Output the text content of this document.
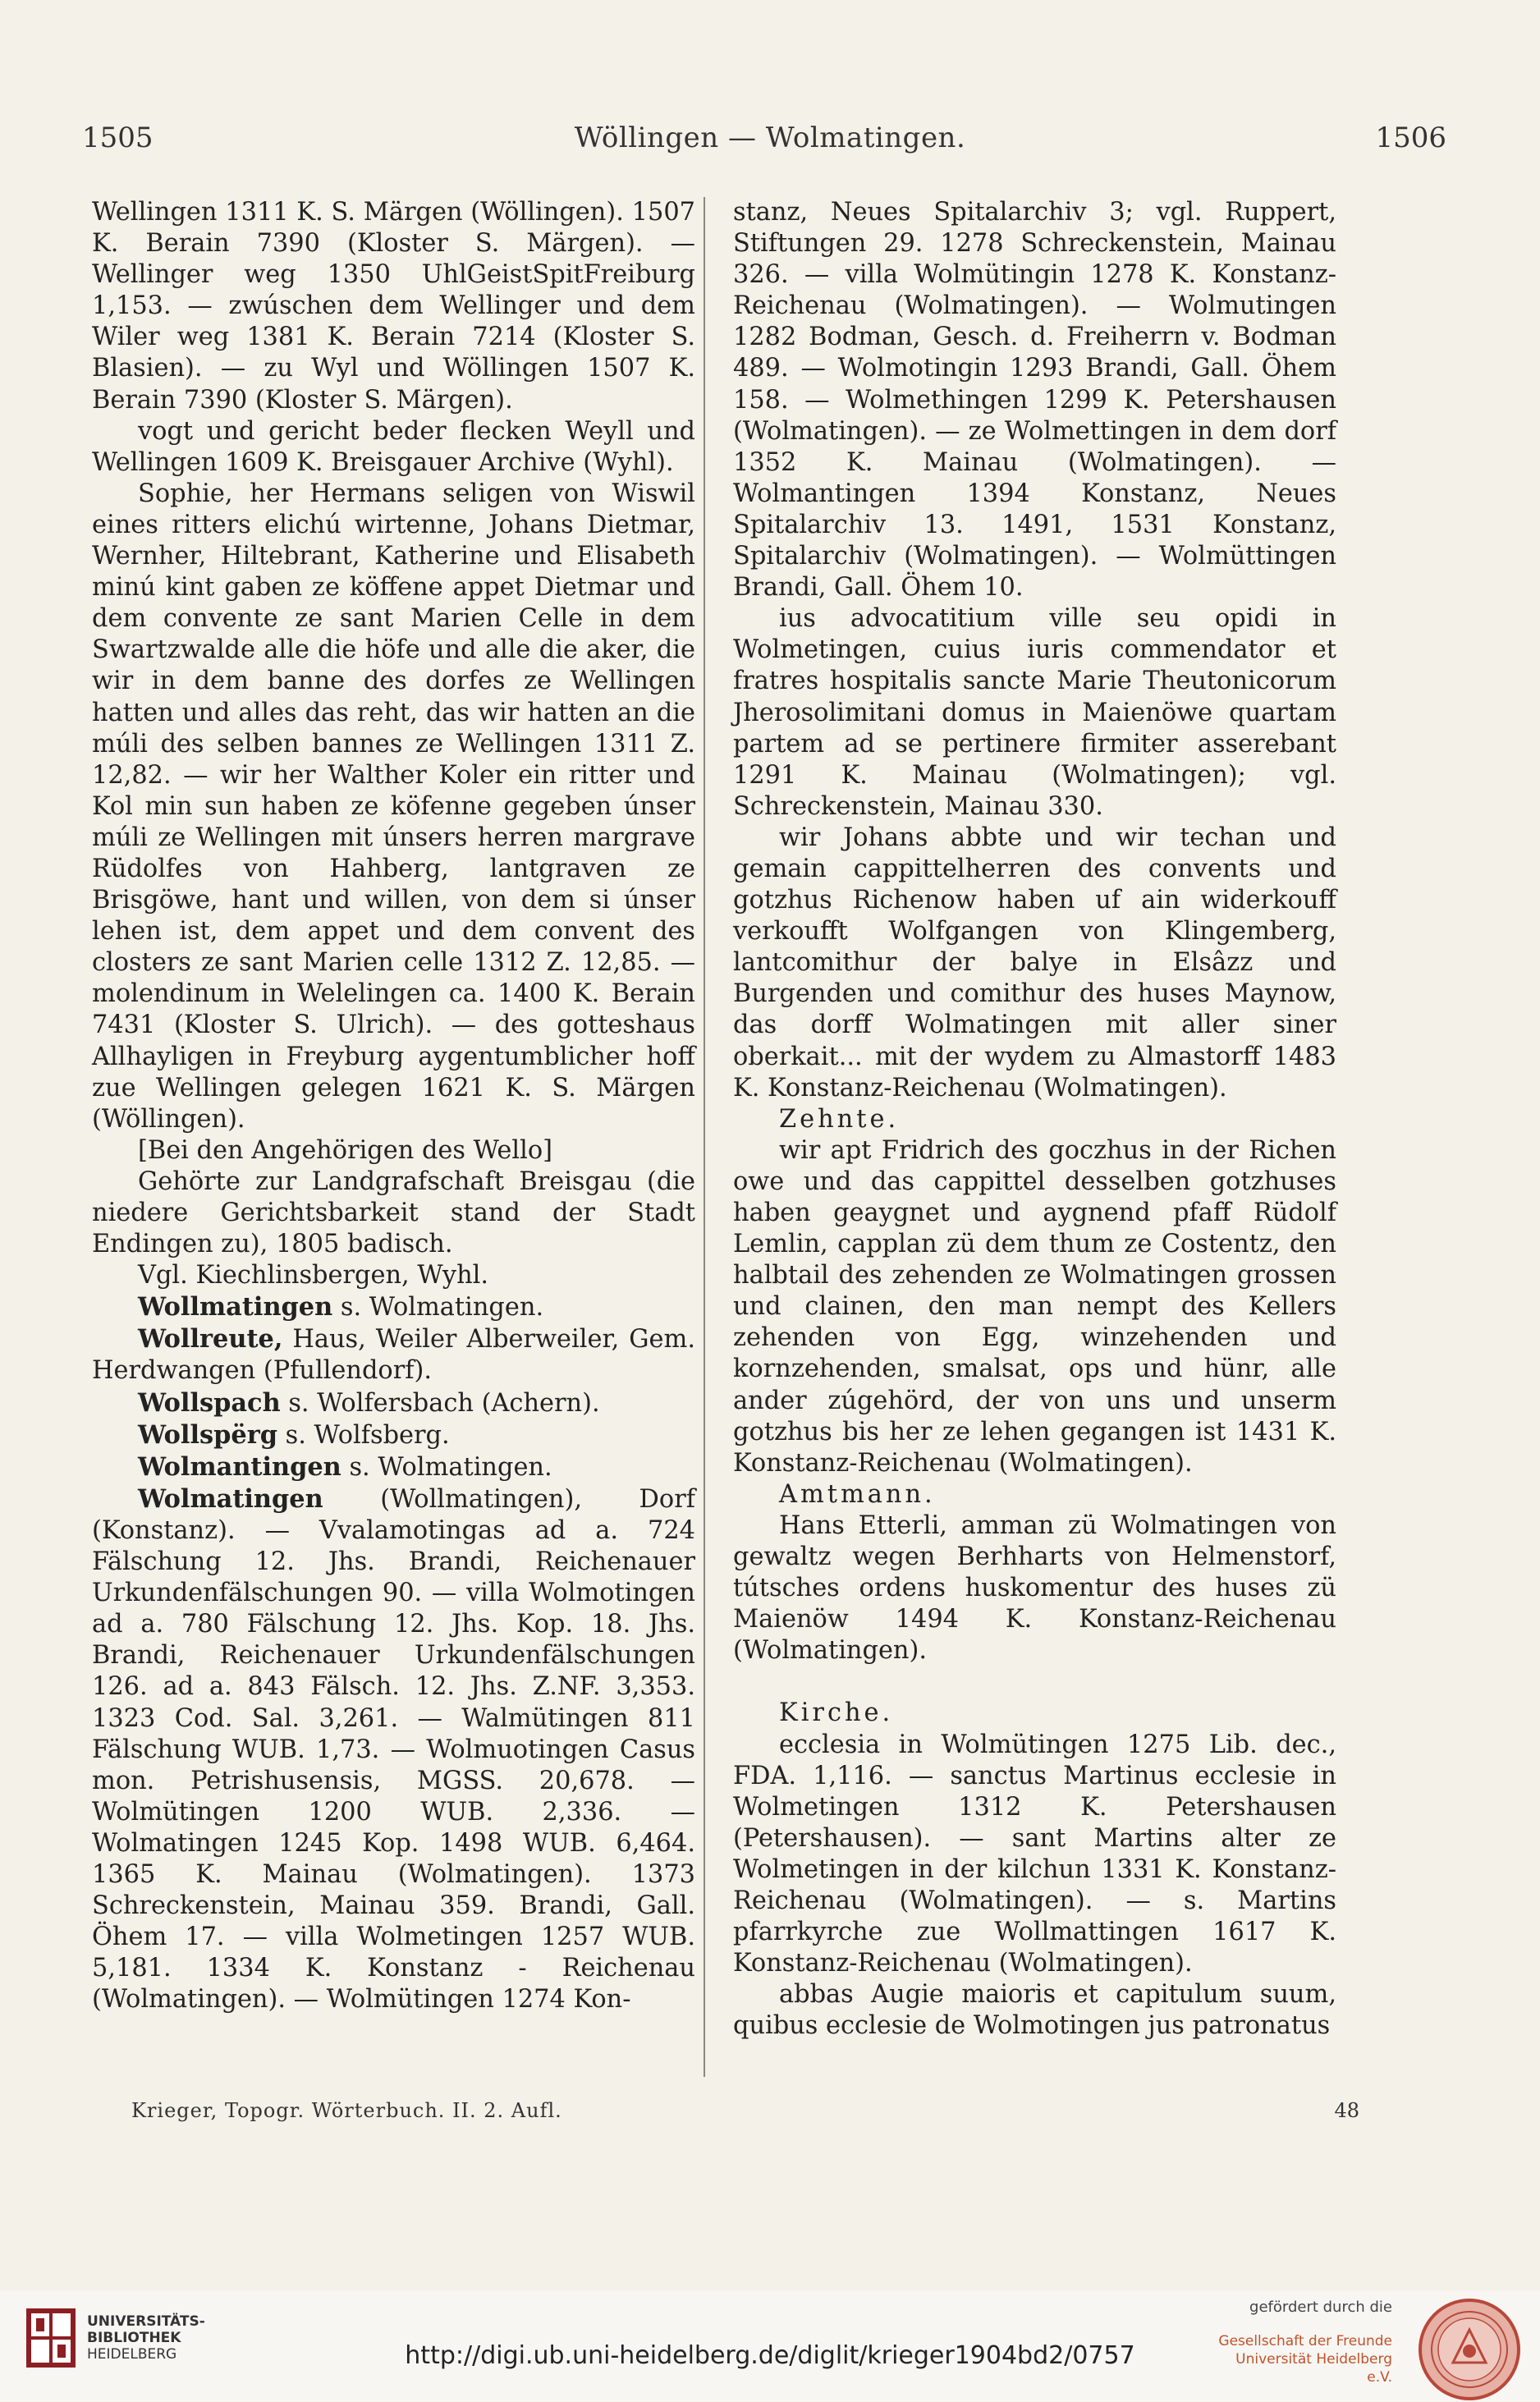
1505	Wöllingen — Wolmatingen.	1506

Wellingen 1311 K. S. Märgen (Wöllingen). 1507 K. Berain 7390 (Kloster S. Märgen). — Wellinger weg 1350 UhlGeistSpitFreiburg 1,153. — zwúschen dem Wellinger und dem Wiler weg 1381 K. Berain 7214 (Kloster S. Blasien). — zu Wyl und Wöllingen 1507 K. Berain 7390 (Kloster S. Märgen).

vogt und gericht beder flecken Weyll und Wellingen 1609 K. Breisgauer Archive (Wyhl).

Sophie, her Hermans seligen von Wiswil eines ritters elichú wirtenne, Johans Dietmar, Wernher, Hiltebrant, Katherine und Elisabeth minú kint gaben ze köffene appet Dietmar und dem convente ze sant Marien Celle in dem Swartzwalde alle die höfe und alle die aker, die wir in dem banne des dorfes ze Wellingen hatten und alles das reht, das wir hatten an die múli des selben bannes ze Wellingen 1311 Z. 12,82. — wir her Walther Koler ein ritter und Kol min sun haben ze köfenne gegeben únser múli ze Wellingen mit únsers herren margrave Rüdolfes von Hahberg, lantgraven ze Brisgöwe, hant und willen, von dem si únser lehen ist, dem appet und dem convent des closters ze sant Marien celle 1312 Z. 12,85. — molendinum in Welelingen ca. 1400 K. Berain 7431 (Kloster S. Ulrich). — des gotteshaus Allhayligen in Freyburg aygentumblicher hoff zue Wellingen gelegen 1621 K. S. Märgen (Wöllingen).

[Bei den Angehörigen des Wello]

Gehörte zur Landgrafschaft Breisgau (die niedere Gerichtsbarkeit stand der Stadt Endingen zu), 1805 badisch.

Vgl. Kiechlinsbergen, Wyhl.

Wollmatingen s. Wolmatingen.

Wollreute, Haus, Weiler Alberweiler, Gem. Herdwangen (Pfullendorf).

Wollspach s. Wolfersbach (Achern).

Wollspërg s. Wolfsberg.

Wolmantingen s. Wolmatingen.

Wolmatingen (Wollmatingen), Dorf (Konstanz). — Vvalamotingas ad a. 724 Fälschung 12. Jhs. Brandi, Reichenauer Urkundenfälschungen 90. — villa Wolmotingen ad a. 780 Fälschung 12. Jhs. Kop. 18. Jhs. Brandi, Reichenauer Urkundenfälschungen 126. ad a. 843 Fälsch. 12. Jhs. Z.NF. 3,353. 1323 Cod. Sal. 3,261. — Walmütingen 811 Fälschung WUB. 1,73. — Wolmuotingen Casus mon. Petrishusensis, MGSS. 20,678. — Wolmütingen 1200 WUB. 2,336. — Wolmatingen 1245 Kop. 1498 WUB. 6,464. 1365 K. Mainau (Wolmatingen). 1373 Schreckenstein, Mainau 359. Brandi, Gall. Öhem 17. — villa Wolmetingen 1257 WUB. 5,181. 1334 K. Konstanz - Reichenau (Wolmatingen). — Wolmütingen 1274 Kon-

stanz, Neues Spitalarchiv 3; vgl. Ruppert, Stiftungen 29. 1278 Schreckenstein, Mainau 326. — villa Wolmütingin 1278 K. Konstanz-Reichenau (Wolmatingen). — Wolmutingen 1282 Bodman, Gesch. d. Freiherrn v. Bodman 489. — Wolmotingin 1293 Brandi, Gall. Öhem 158. — Wolmethingen 1299 K. Petershausen (Wolmatingen). — ze Wolmettingen in dem dorf 1352 K. Mainau (Wolmatingen). — Wolmantingen 1394 Konstanz, Neues Spitalarchiv 13. 1491, 1531 Konstanz, Spitalarchiv (Wolmatingen). — Wolmüttingen Brandi, Gall. Öhem 10.

ius advocatitium ville seu opidi in Wolmetingen, cuius iuris commendator et fratres hospitalis sancte Marie Theutonicorum Jherosolimitani domus in Maienöwe quartam partem ad se pertinere firmiter asserebant 1291 K. Mainau (Wolmatingen); vgl. Schreckenstein, Mainau 330.

wir Johans abbte und wir techan und gemain cappittelherren des convents und gotzhus Richenow haben uf ain widerkouff verkoufft Wolfgangen von Klingemberg, lantcomithur der balye in Elsâzz und Burgenden und comithur des huses Maynow, das dorff Wolmatingen mit aller siner oberkait... mit der wydem zu Almastorff 1483 K. Konstanz-Reichenau (Wolmatingen).

Zehnte.

wir apt Fridrich des goczhus in der Richen owe und das cappittel desselben gotzhuses haben geaygnet und aygnend pfaff Rüdolf Lemlin, capplan zü dem thum ze Costentz, den halbtail des zehenden ze Wolmatingen grossen und clainen, den man nempt des Kellers zehenden von Egg, winzehenden und kornzehenden, smalsat, ops und hünr, alle ander zúgehörd, der von uns und unserm gotzhus bis her ze lehen gegangen ist 1431 K. Konstanz-Reichenau (Wolmatingen).

Amtmann.

Hans Etterli, amman zü Wolmatingen von gewaltz wegen Berhharts von Helmenstorf, tútsches ordens huskomentur des huses zü Maienöw 1494 K. Konstanz-Reichenau (Wolmatingen).

Kirche.

ecclesia in Wolmütingen 1275 Lib. dec., FDA. 1,116. — sanctus Martinus ecclesie in Wolmetingen 1312 K. Petershausen (Petershausen). — sant Martins alter ze Wolmetingen in der kilchun 1331 K. Konstanz-Reichenau (Wolmatingen). — s. Martins pfarrkyrche zue Wollmattingen 1617 K. Konstanz-Reichenau (Wolmatingen).

abbas Augie maioris et capitulum suum, quibus ecclesie de Wolmotingen jus patronatus

Krieger, Topogr. Wörterbuch. II. 2. Aufl.	48
UNIVERSITÄTS-
BIBLIOTHEK
HEIDELBERG	http://digi.ub.uni-heidelberg.de/diglit/krieger1904bd2/0757
gefördert durch die
Gesellschaft der Freunde
Universität Heidelberg e.V.
